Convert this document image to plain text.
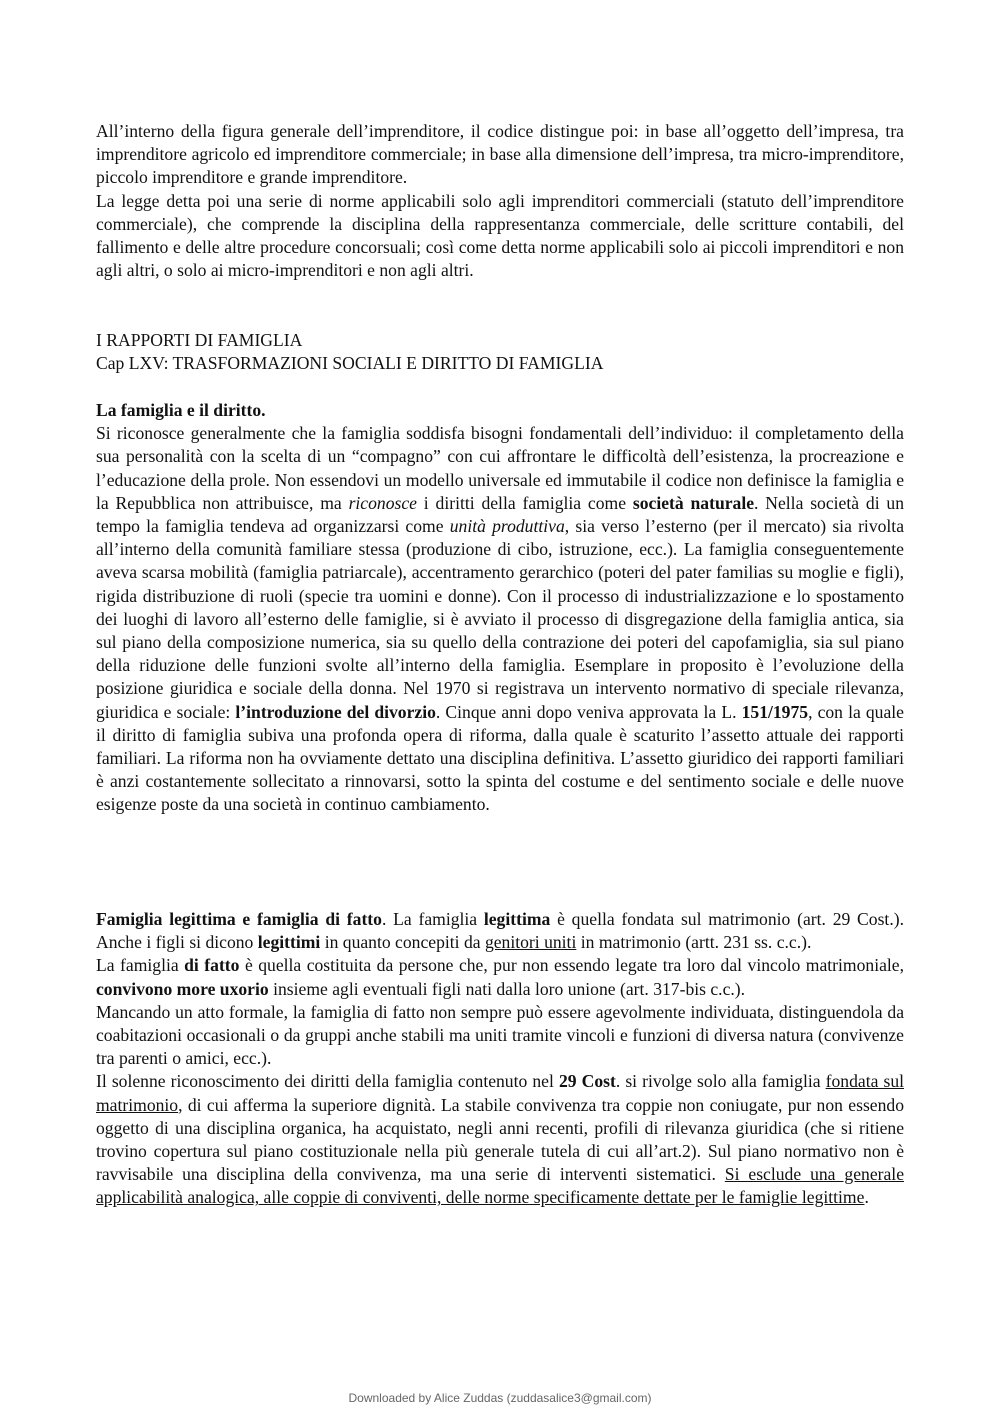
All’interno della figura generale dell’imprenditore, il codice distingue poi: in base all’oggetto dell’impresa, tra imprenditore agricolo ed imprenditore commerciale; in base alla dimensione dell’impresa, tra micro-imprenditore, piccolo imprenditore e grande imprenditore.

La legge detta poi una serie di norme applicabili solo agli imprenditori commerciali (statuto dell’imprenditore commerciale), che comprende la disciplina della rappresentanza commerciale, delle scritture contabili, del fallimento e delle altre procedure concorsuali; così come detta norme applicabili solo ai piccoli imprenditori e non agli altri, o solo ai micro-imprenditori e non agli altri.

I RAPPORTI DI FAMIGLIA
Cap LXV: TRASFORMAZIONI SOCIALI E DIRITTO DI FAMIGLIA
La famiglia e il diritto.

Si riconosce generalmente che la famiglia soddisfa bisogni fondamentali dell’individuo: il completamento della sua personalità con la scelta di un “compagno” con cui affrontare le difficoltà dell’esistenza, la procreazione e l’educazione della prole. Non essendovi un modello universale ed immutabile il codice non definisce la famiglia e la Repubblica non attribuisce, ma riconosce i diritti della famiglia come società naturale. Nella società di un tempo la famiglia tendeva ad organizzarsi come unità produttiva, sia verso l’esterno (per il mercato) sia rivolta all’interno della comunità familiare stessa (produzione di cibo, istruzione, ecc.). La famiglia conseguentemente aveva scarsa mobilità (famiglia patriarcale), accentramento gerarchico (poteri del pater familias su moglie e figli), rigida distribuzione di ruoli (specie tra uomini e donne). Con il processo di industrializzazione e lo spostamento dei luoghi di lavoro all’esterno delle famiglie, si è avviato il processo di disgregazione della famiglia antica, sia sul piano della composizione numerica, sia su quello della contrazione dei poteri del capofamiglia, sia sul piano della riduzione delle funzioni svolte all’interno della famiglia. Esemplare in proposito è l’evoluzione della posizione giuridica e sociale della donna. Nel 1970 si registrava un intervento normativo di speciale rilevanza, giuridica e sociale: l’introduzione del divorzio. Cinque anni dopo veniva approvata la L. 151/1975, con la quale il diritto di famiglia subiva una profonda opera di riforma, dalla quale è scaturito l’assetto attuale dei rapporti familiari. La riforma non ha ovviamente dettato una disciplina definitiva. L’assetto giuridico dei rapporti familiari è anzi costantemente sollecitato a rinnovarsi, sotto la spinta del costume e del sentimento sociale e delle nuove esigenze poste da una società in continuo cambiamento.

Famiglia legittima e famiglia di fatto. La famiglia legittima è quella fondata sul matrimonio (art. 29 Cost.). Anche i figli si dicono legittimi in quanto concepiti da genitori uniti in matrimonio (artt. 231 ss. c.c.).

La famiglia di fatto è quella costituita da persone che, pur non essendo legate tra loro dal vincolo matrimoniale, convivono more uxorio insieme agli eventuali figli nati dalla loro unione (art. 317-bis c.c.).

Mancando un atto formale, la famiglia di fatto non sempre può essere agevolmente individuata, distinguendola da coabitazioni occasionali o da gruppi anche stabili ma uniti tramite vincoli e funzioni di diversa natura (convivenze tra parenti o amici, ecc.).

Il solenne riconoscimento dei diritti della famiglia contenuto nel 29 Cost. si rivolge solo alla famiglia fondata sul matrimonio, di cui afferma la superiore dignità. La stabile convivenza tra coppie non coniugate, pur non essendo oggetto di una disciplina organica, ha acquistato, negli anni recenti, profili di rilevanza giuridica (che si ritiene trovino copertura sul piano costituzionale nella più generale tutela di cui all’art.2). Sul piano normativo non è ravvisabile una disciplina della convivenza, ma una serie di interventi sistematici. Si esclude una generale applicabilità analogica, alle coppie di conviventi, delle norme specificamente dettate per le famiglie legittime.

Downloaded by Alice Zuddas (zuddasalice3@gmail.com)
